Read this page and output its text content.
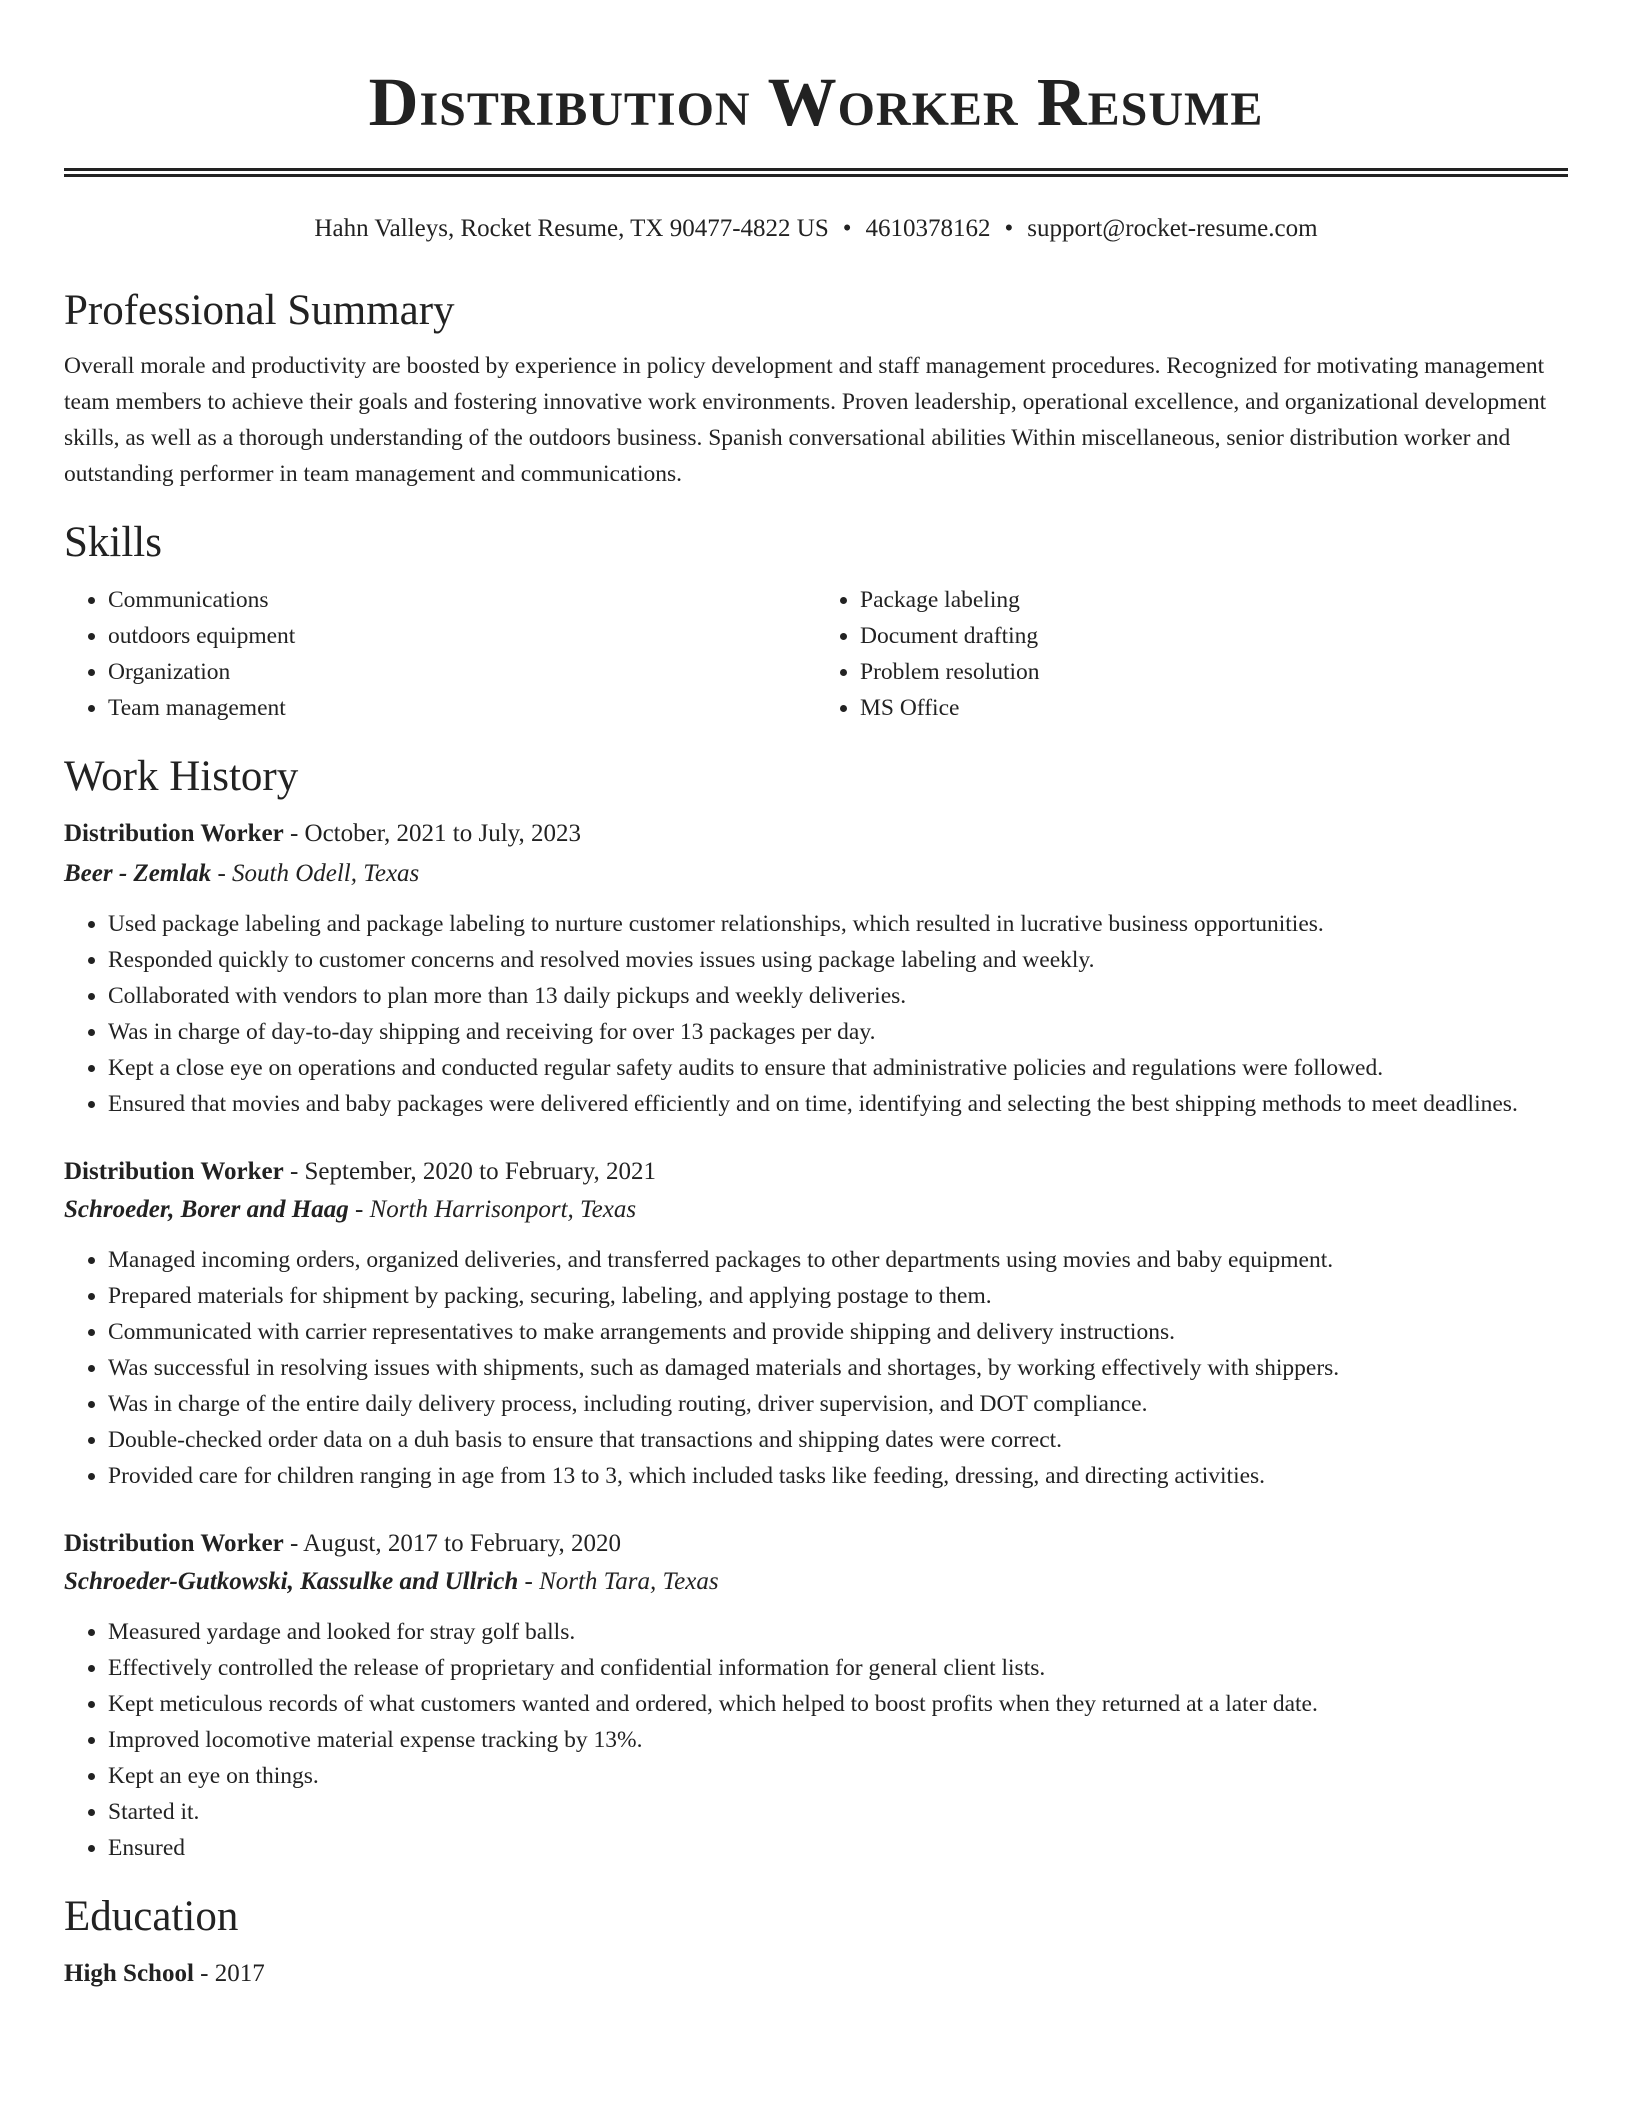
Distribution Worker Resume
Hahn Valleys, Rocket Resume, TX 90477-4822 US • 4610378162 • support@rocket-resume.com
Professional Summary

Overall morale and productivity are boosted by experience in policy development and staff management procedures. Recognized for motivating management team members to achieve their goals and fostering innovative work environments. Proven leadership, operational excellence, and organizational development skills, as well as a thorough understanding of the outdoors business. Spanish conversational abilities Within miscellaneous, senior distribution worker and outstanding performer in team management and communications.

Skills
• Communications
• outdoors equipment
• Organization
• Team management
• Package labeling
• Document drafting
• Problem resolution
• MS Office
Work History
Distribution Worker - October, 2021 to July, 2023
Beer - Zemlak - South Odell, Texas
• Used package labeling and package labeling to nurture customer relationships, which resulted in lucrative business opportunities.
• Responded quickly to customer concerns and resolved movies issues using package labeling and weekly.
• Collaborated with vendors to plan more than 13 daily pickups and weekly deliveries.
• Was in charge of day-to-day shipping and receiving for over 13 packages per day.
• Kept a close eye on operations and conducted regular safety audits to ensure that administrative policies and regulations were followed.
• Ensured that movies and baby packages were delivered efficiently and on time, identifying and selecting the best shipping methods to meet deadlines.
Distribution Worker - September, 2020 to February, 2021
Schroeder, Borer and Haag - North Harrisonport, Texas
• Managed incoming orders, organized deliveries, and transferred packages to other departments using movies and baby equipment.
• Prepared materials for shipment by packing, securing, labeling, and applying postage to them.
• Communicated with carrier representatives to make arrangements and provide shipping and delivery instructions.
• Was successful in resolving issues with shipments, such as damaged materials and shortages, by working effectively with shippers.
• Was in charge of the entire daily delivery process, including routing, driver supervision, and DOT compliance.
• Double-checked order data on a duh basis to ensure that transactions and shipping dates were correct.
• Provided care for children ranging in age from 13 to 3, which included tasks like feeding, dressing, and directing activities.
Distribution Worker - August, 2017 to February, 2020
Schroeder-Gutkowski, Kassulke and Ullrich - North Tara, Texas
• Measured yardage and looked for stray golf balls.
• Effectively controlled the release of proprietary and confidential information for general client lists.
• Kept meticulous records of what customers wanted and ordered, which helped to boost profits when they returned at a later date.
• Improved locomotive material expense tracking by 13%.
• Kept an eye on things.
• Started it.
• Ensured
Education
High School - 2017
